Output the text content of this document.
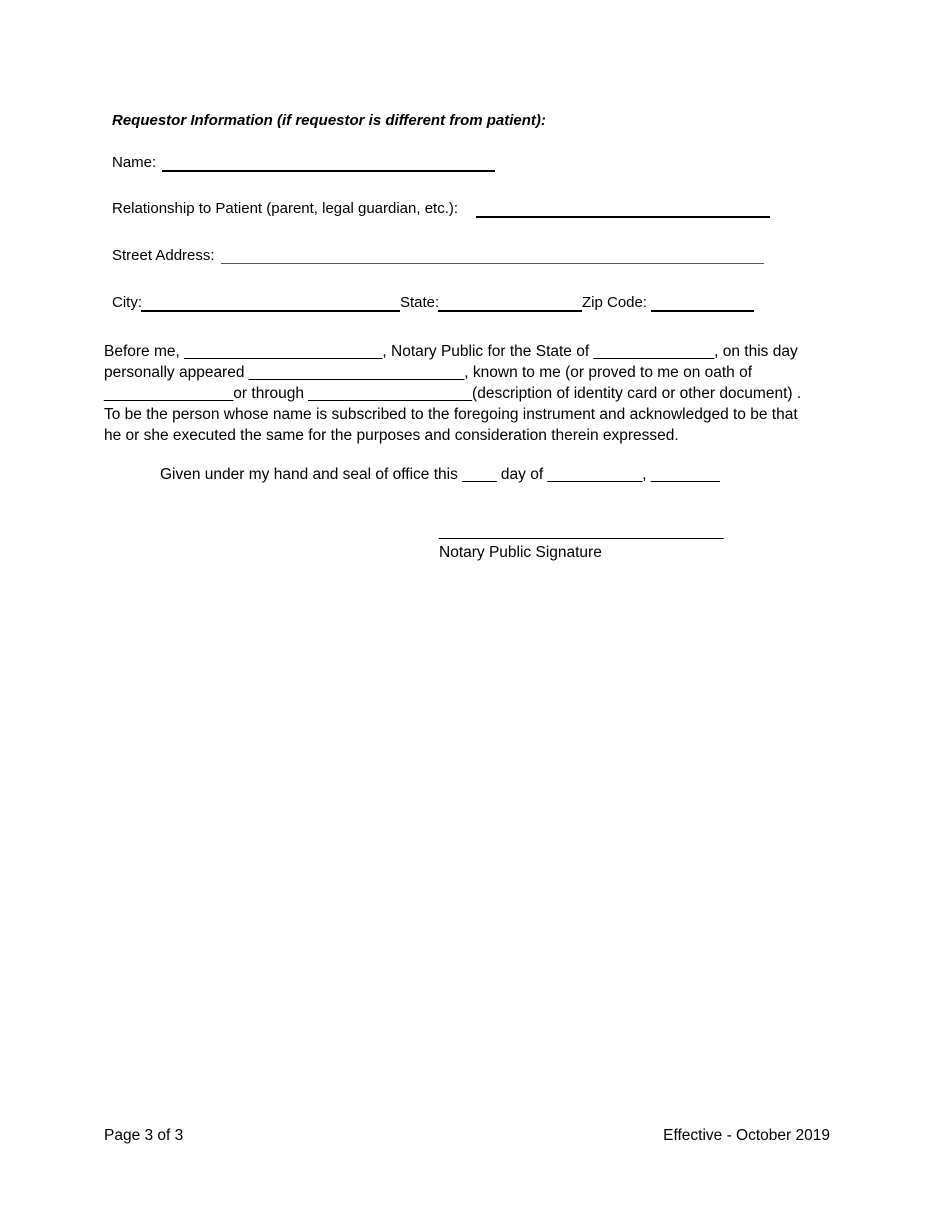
Requestor Information (if requestor is different from patient):
Name:
Relationship to Patient (parent, legal guardian, etc.):
Street Address:
City:	State:	Zip Code:
Before me, _______________________, Notary Public for the State of ______________, on this day
personally appeared _________________________, known to me (or proved to me on oath of
_______________or through ___________________(description of identity card or other document) .
To be the person whose name is subscribed to the foregoing instrument and acknowledged to be that
he or she executed the same for the purposes and consideration therein expressed.
Given under my hand and seal of office this ____ day of ___________, ________
_________________________________
Notary Public Signature
Page 3 of 3	Effective - October 2019
